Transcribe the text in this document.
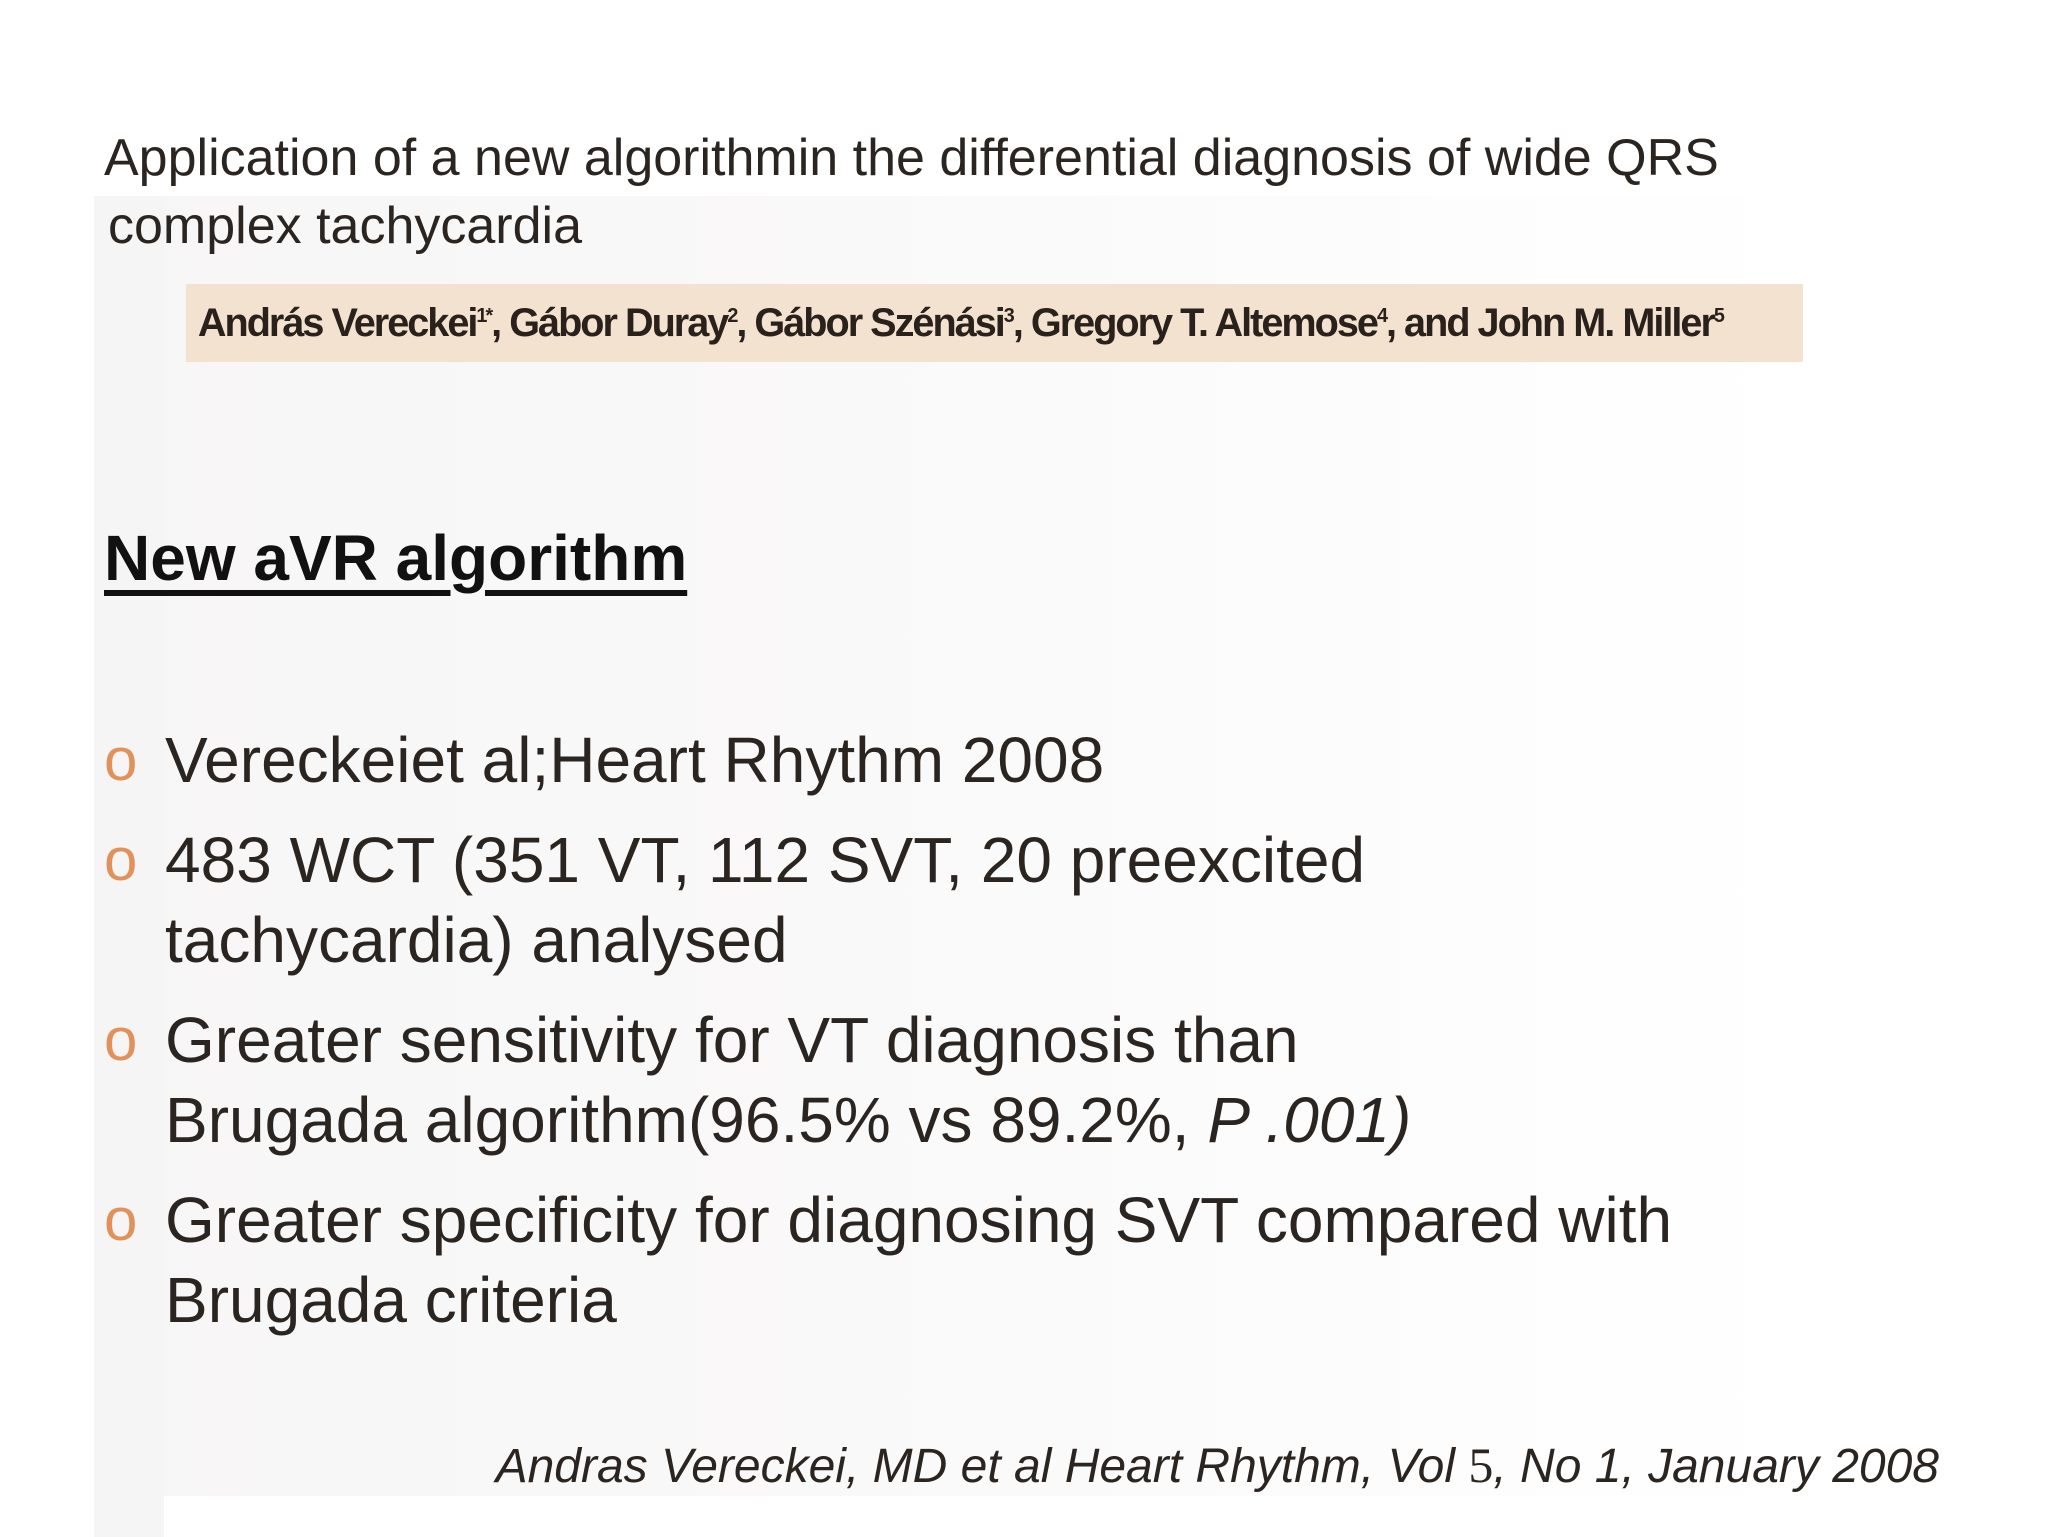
Application of a new algorithmin the differential diagnosis of wide QRS
complex tachycardia
András Vereckei$^{1*}$, Gábor Duray$^2$, Gábor Szénási$^3$, Gregory T. Altemose$^4$, and John M. Miller$^5$
New aVR algorithm
o Vereckeiet al;Heart Rhythm 2008
o 483 WCT (351 VT, 112 SVT, 20 preexcited
tachycardia) analysed
o Greater sensitivity for VT diagnosis than
Brugada algorithm(96.5% vs 89.2%, P .001)
o Greater specificity for diagnosing SVT compared with
Brugada criteria
Andras Vereckei, MD et al Heart Rhythm, Vol 5, No 1, January 2008
